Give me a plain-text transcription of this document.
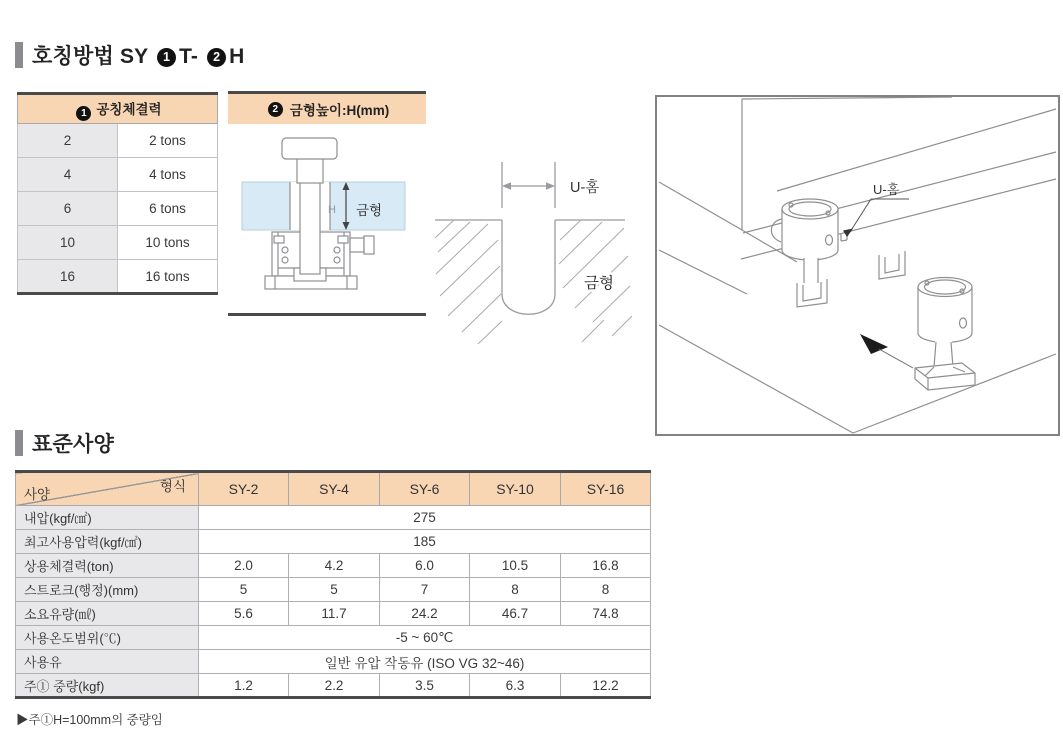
호칭방법 SY 1 T- 2 H
1 공칭체결력	
2	2 tons
4	4 tons
6	6 tons
10	10 tons
16	16 tons
2 금형높이:H(mm)
H 금형
U-홈
금형
U-홈
표준사양
형식
사양	SY-2	SY-4	SY-6	SY-10	SY-16
내압(kgf/㎠)	275				
최고사용압력(kgf/㎠)	185				
상용체결력(ton)	2.0	4.2	6.0	10.5	16.8
스트로크(행정)(mm)	5	5	7	8	8
소요유량(㎖)	5.6	11.7	24.2	46.7	74.8
사용온도범위(℃)	-5 ~ 60℃				
사용유	일반 유압 작동유 (ISO VG 32~46)				
주① 중량(kgf)	1.2	2.2	3.5	6.3	12.2
▶주①H=100mm의 중량임
